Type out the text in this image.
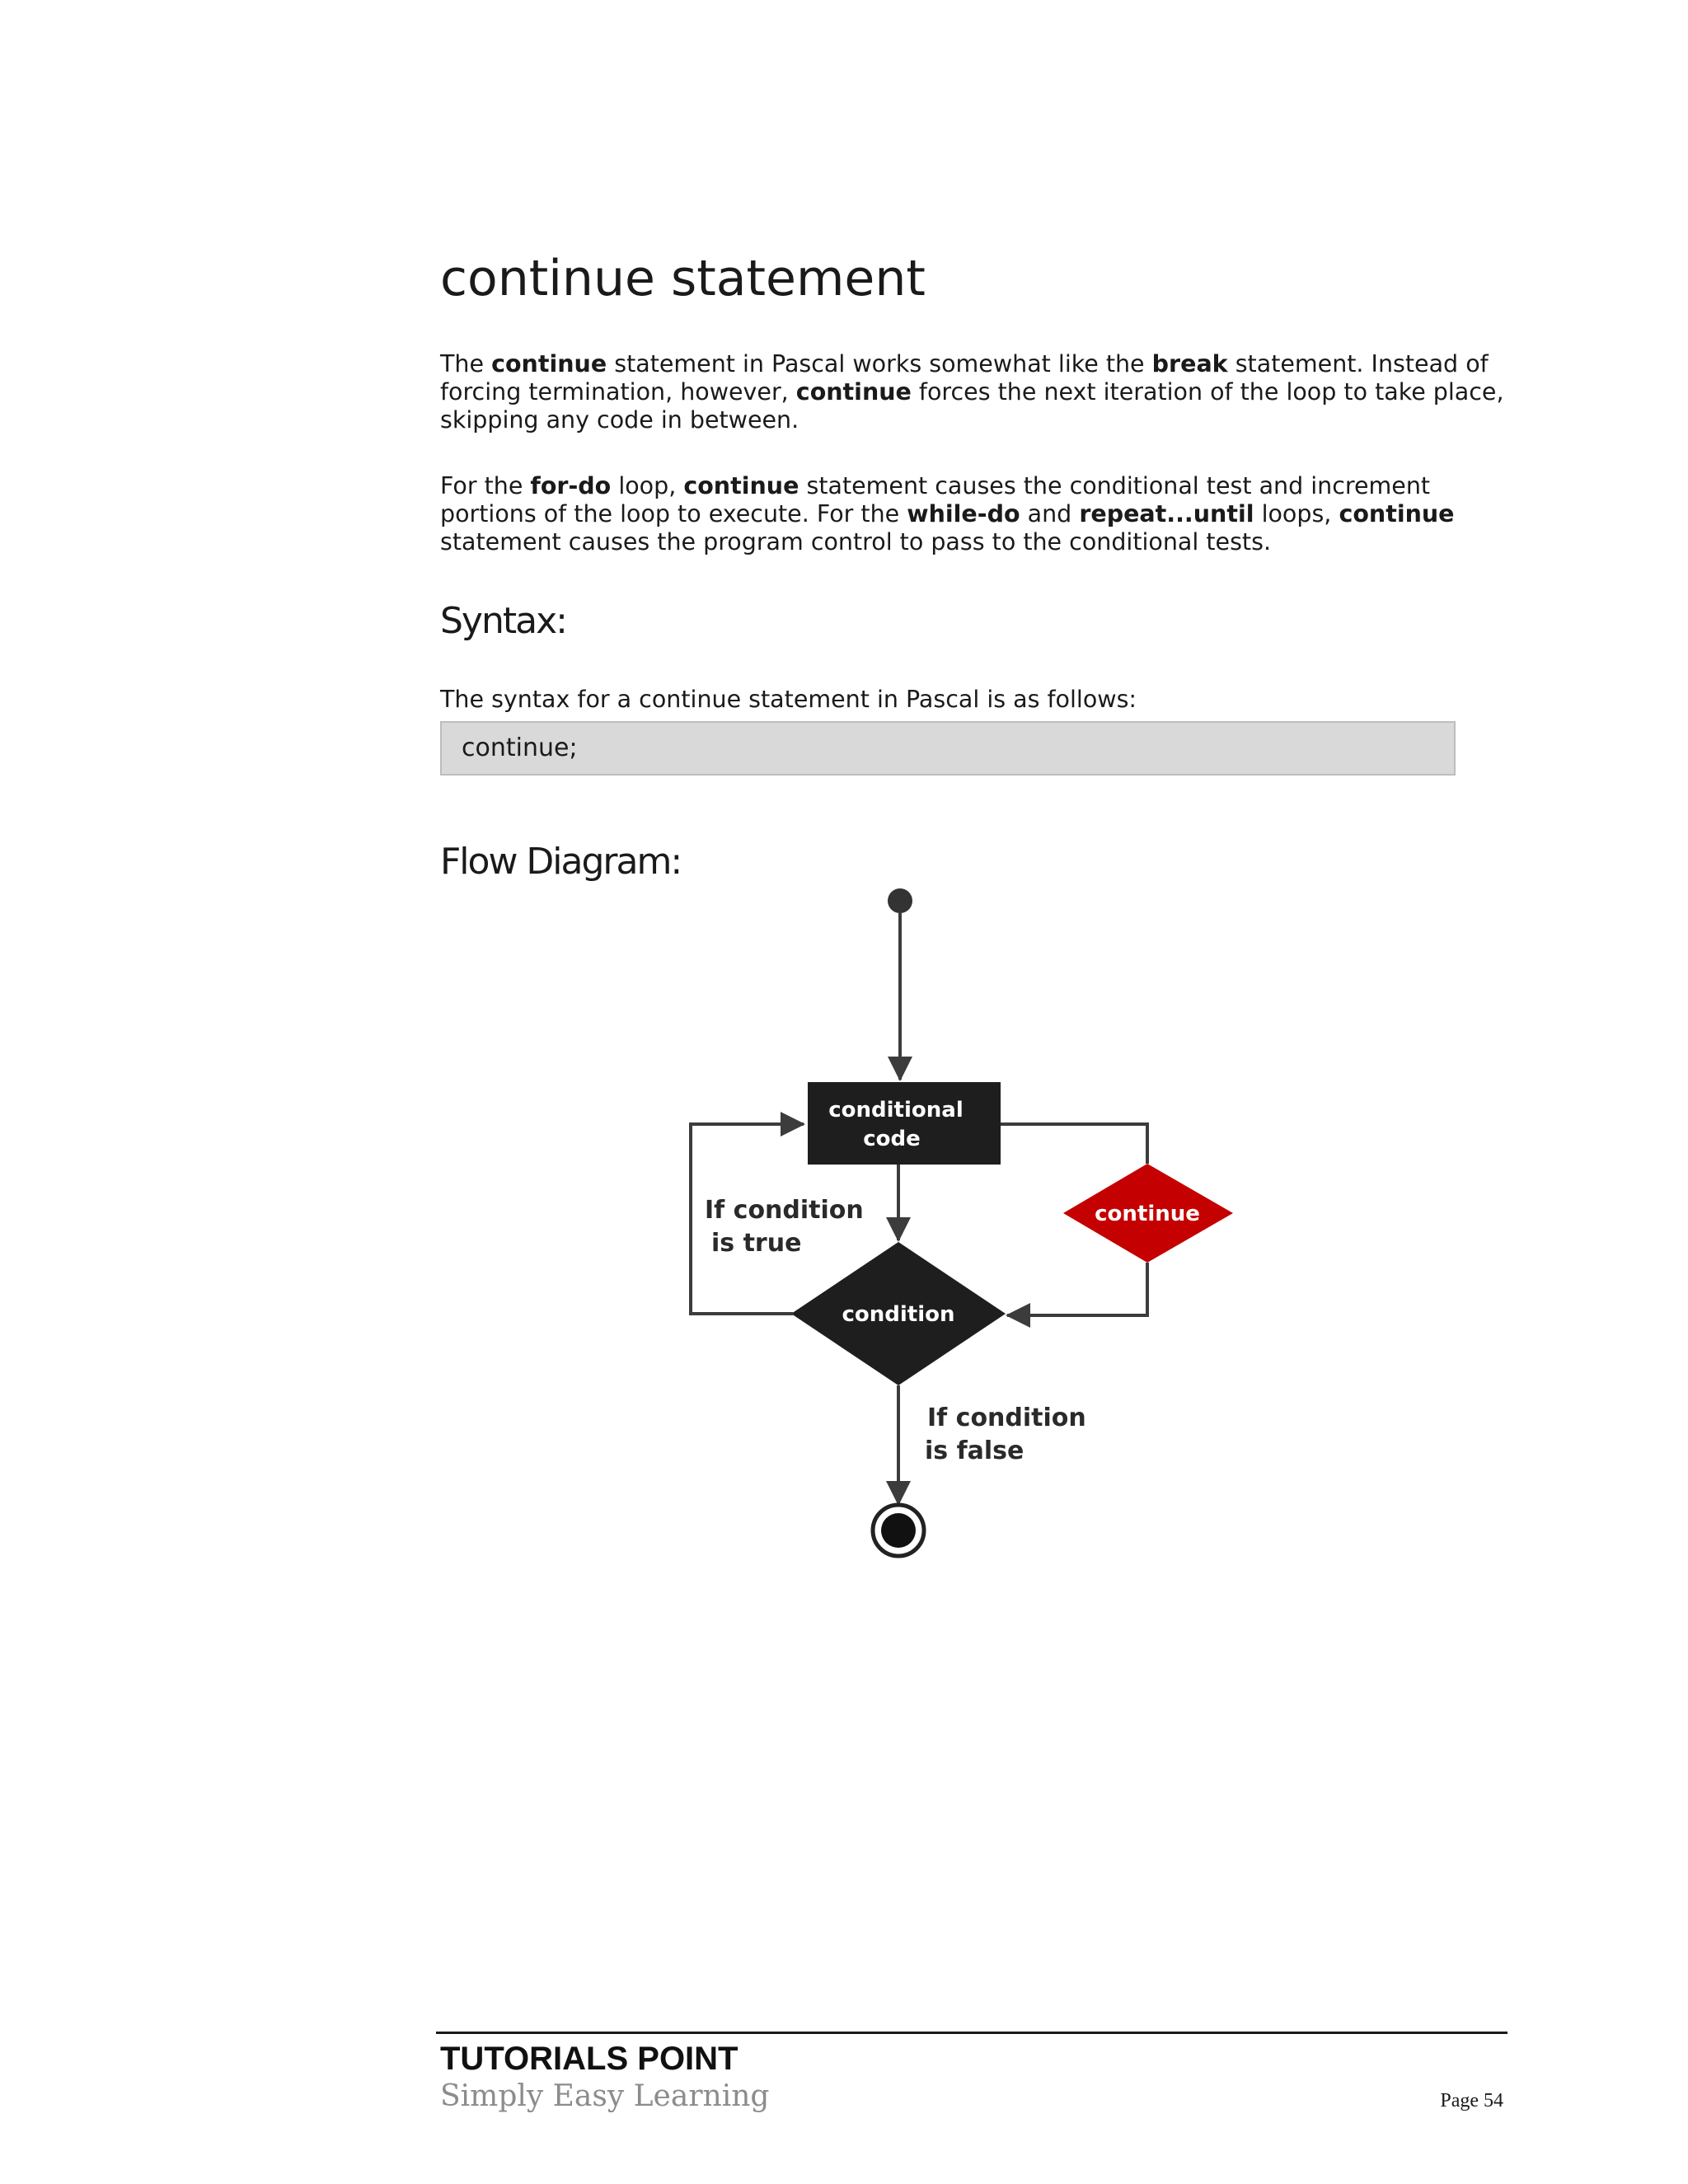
continue statement

The continue statement in Pascal works somewhat like the break statement. Instead of forcing termination, however, continue forces the next iteration of the loop to take place, skipping any code in between.

For the for-do loop, continue statement causes the conditional test and increment portions of the loop to execute. For the while-do and repeat...until loops, continue statement causes the program control to pass to the conditional tests.

Syntax:

The syntax for a continue statement in Pascal is as follows:

continue;
Flow Diagram:
conditional
code
condition
continue
If condition
is true
If condition
is false

TUTORIALS POINT

Simply Easy Learning	Page 54
